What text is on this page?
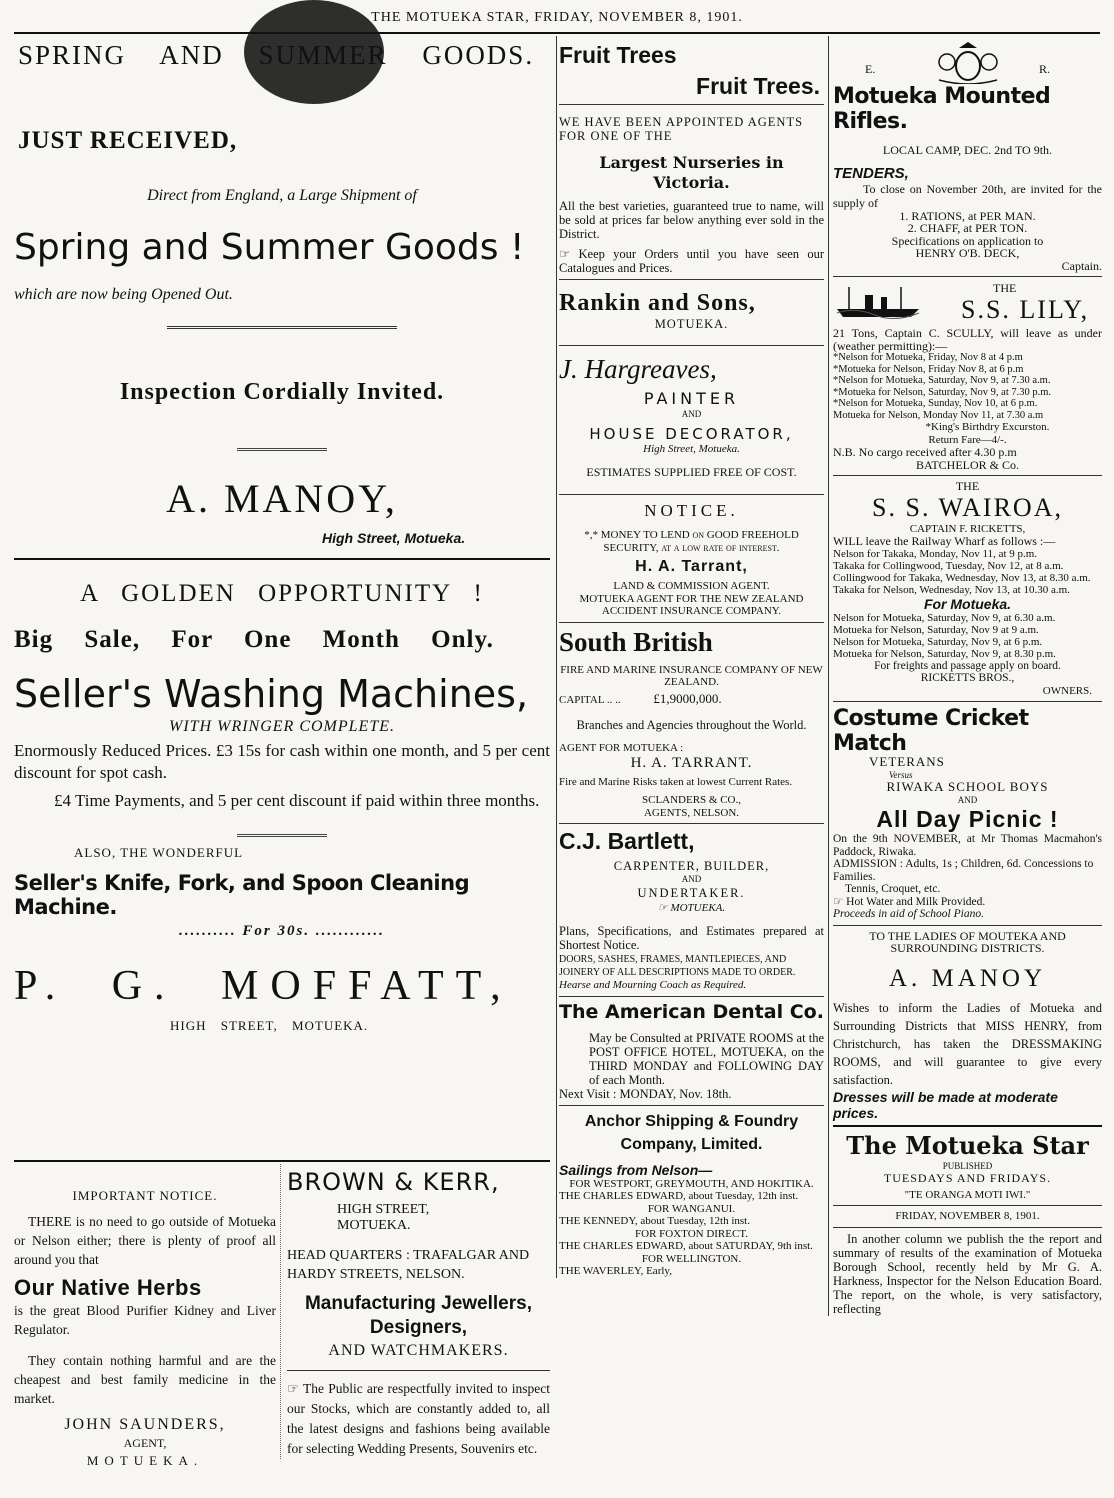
THE MOTUEKA STAR, FRIDAY, NOVEMBER 8, 1901.
SPRING AND SUMMER GOODS.
JUST RECEIVED,
Direct from England, a Large Shipment of
Spring and Summer Goods !
which are now being Opened Out.
Inspection Cordially Invited.
A. MANOY,
High Street, Motueka.
A GOLDEN OPPORTUNITY !
Big Sale, For One Month Only.
Seller's Washing Machines,
WITH WRINGER COMPLETE.
Enormously Reduced Prices. £3 15s for cash within one month, and 5 per cent discount for spot cash.
£4 Time Payments, and 5 per cent discount if paid within three months.
ALSO, THE WONDERFUL
Seller's Knife, Fork, and Spoon Cleaning Machine.
.......... For 30s. ............
P. G. MOFFATT,
HIGH STREET, MOTUEKA.
IMPORTANT NOTICE.
THERE is no need to go outside of Motueka or Nelson either; there is plenty of proof all around you that
Our Native Herbs
is the great Blood Purifier Kidney and Liver Regulator.
They contain nothing harmful and are the cheapest and best family medicine in the market.
JOHN SAUNDERS,
AGENT,
MOTUEKA.
BROWN & KERR,
HIGH STREET,
MOTUEKA.
HEAD QUARTERS : TRAFALGAR AND HARDY STREETS, NELSON.
Manufacturing Jewellers, Designers,
AND WATCHMAKERS.
☞ The Public are respectfully invited to inspect our Stocks, which are constantly added to, all the latest designs and fashions being available for selecting Wedding Presents, Souvenirs etc.
Fruit Trees
Fruit Trees.
WE HAVE BEEN APPOINTED AGENTS FOR ONE OF THE
Largest Nurseries in Victoria.
All the best varieties, guaranteed true to name, will be sold at prices far below anything ever sold in the District.
☞ Keep your Orders until you have seen our Catalogues and Prices.
Rankin and Sons,
MOTUEKA.
J. Hargreaves,
PAINTER
AND
HOUSE DECORATOR,
High Street, Motueka.
ESTIMATES SUPPLIED FREE OF COST.
NOTICE.
*,* MONEY TO LEND on GOOD FREEHOLD SECURITY, at a low rate of interest.
H. A. Tarrant,
LAND & COMMISSION AGENT.
MOTUEKA AGENT FOR THE NEW ZEALAND ACCIDENT INSURANCE COMPANY.
South British
FIRE AND MARINE INSURANCE COMPANY OF NEW ZEALAND.
CAPITAL .. ..	£1,9000,000.
Branches and Agencies throughout the World.
AGENT FOR MOTUEKA :
H. A. TARRANT.
Fire and Marine Risks taken at lowest Current Rates.
SCLANDERS & CO.,
AGENTS, NELSON.
C.J. Bartlett,
CARPENTER, BUILDER,
AND
UNDERTAKER.
☞ MOTUEKA.
Plans, Specifications, and Estimates prepared at Shortest Notice.
DOORS, SASHES, FRAMES, MANTLEPIECES, AND JOINERY OF ALL DESCRIPTIONS MADE TO ORDER.
Hearse and Mourning Coach as Required.
The American Dental Co.
May be Consulted at PRIVATE ROOMS at the POST OFFICE HOTEL, MOTUEKA, on the THIRD MONDAY and FOLLOWING DAY of each Month.
Next Visit : MONDAY, Nov. 18th.
Anchor Shipping & Foundry Company, Limited.
Sailings from Nelson—
FOR WESTPORT, GREYMOUTH, AND HOKITIKA.
THE CHARLES EDWARD, about Tuesday, 12th inst.
FOR WANGANUI.
THE KENNEDY, about Tuesday, 12th inst.
FOR FOXTON DIRECT.
THE CHARLES EDWARD, about SATURDAY, 9th inst.
FOR WELLINGTON.
THE WAVERLEY, Early,
E.	R.
Motueka Mounted Rifles.
LOCAL CAMP, DEC. 2nd TO 9th.
TENDERS,
To close on November 20th, are invited for the supply of
1. RATIONS, at PER MAN.
2. CHAFF, at PER TON.
Specifications on application to
HENRY O'B. DECK,
Captain.
THE
S.S. LILY,
21 Tons, Captain C. SCULLY, will leave as under (weather permitting):—
*Nelson for Motueka, Friday, Nov 8 at 4 p.m
*Motueka for Nelson, Friday Nov 8, at 6 p.m
*Nelson for Motueka, Saturday, Nov 9, at 7.30 a.m.
*Motueka for Nelson, Saturday, Nov 9, at 7.30 p.m.
*Nelson for Motueka, Sunday, Nov 10, at 6 p.m.
Motueka for Nelson, Monday Nov 11, at 7.30 a.m
*King's Birthdry Excurston.
Return Fare—4/-.
N.B. No cargo received after 4.30 p.m
BATCHELOR & Co.
THE
S. S. WAIROA,
CAPTAIN F. RICKETTS,
WILL leave the Railway Wharf as follows :—
Nelson for Takaka, Monday, Nov 11, at 9 p.m.
Takaka for Collingwood, Tuesday, Nov 12, at 8 a.m.
Collingwood for Takaka, Wednesday, Nov 13, at 8.30 a.m.
Takaka for Nelson, Wednesday, Nov 13, at 10.30 a.m.
For Motueka.
Nelson for Motueka, Saturday, Nov 9, at 6.30 a.m.
Motueka for Nelson, Saturday, Nov 9 at 9 a.m.
Nelson for Motueka, Saturday, Nov 9, at 6 p.m.
Motueka for Nelson, Saturday, Nov 9, at 8.30 p.m.
For freights and passage apply on board.
RICKETTS BROS.,
OWNERS.
Costume Cricket Match
VETERANS
Versus
RIWAKA SCHOOL BOYS
AND
All Day Picnic !
On the 9th NOVEMBER, at Mr Thomas Macmahon's Paddock, Riwaka.
ADMISSION : Adults, 1s ; Children, 6d. Concessions to Families.
Tennis, Croquet, etc.
☞ Hot Water and Milk Provided.
Proceeds in aid of School Piano.
TO THE LADIES OF MOUTEKA AND SURROUNDING DISTRICTS.
A. MANOY
Wishes to inform the Ladies of Motueka and Surrounding Districts that MISS HENRY, from Christchurch, has taken the DRESSMAKING ROOMS, and will guarantee to give every satisfaction.
Dresses will be made at moderate prices.
The Motueka Star
PUBLISHED
TUESDAYS AND FRIDAYS.
"TE ORANGA MOTI IWI."
FRIDAY, NOVEMBER 8, 1901.
In another column we publish the the report and summary of results of the examination of Motueka Borough School, recently held by Mr G. A. Harkness, Inspector for the Nelson Education Board. The report, on the whole, is very satisfactory, reflecting
